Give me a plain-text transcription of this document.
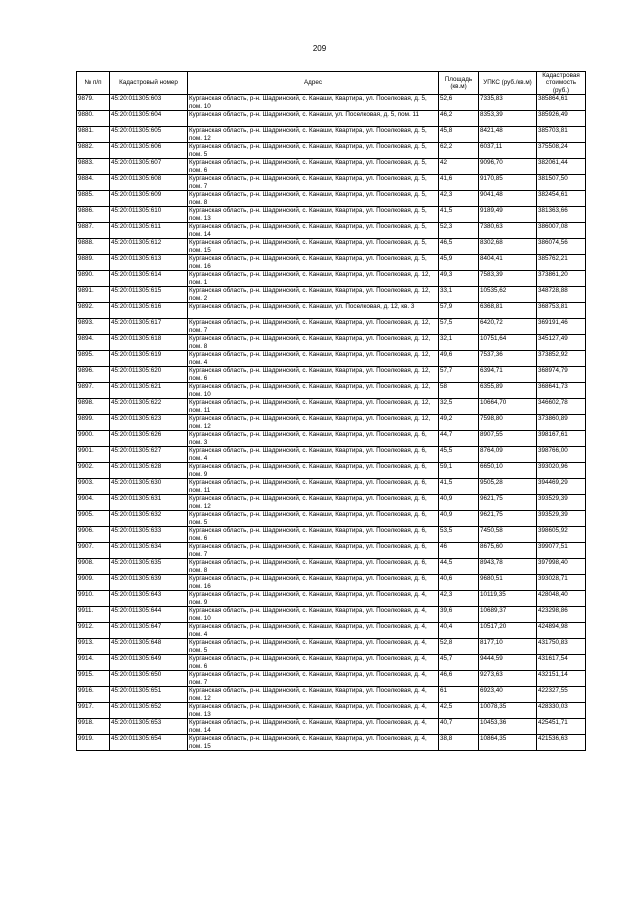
209
№ п/п	Кадастровый номер	Адрес	Площадь (кв.м)	УПКС (руб./кв.м)	Кадастровая стоимость (руб.)
9879.	45:20:011305:603	Курганская область, р-н. Шадринский, с. Канаши, Квартира, ул. Поселковая, д. 5, пом. 10	52,6	7335,83	385864,61
9880.	45:20:011305:604	Курганская область, р-н. Шадринский, с. Канаши, ул. Поселковая, д. 5, пом. 11	46,2	8353,39	385926,49
9881.	45:20:011305:605	Курганская область, р-н. Шадринский, с. Канаши, Квартира, ул. Поселковая, д. 5, пом. 12	45,8	8421,48	385703,81
9882.	45:20:011305:606	Курганская область, р-н. Шадринский, с. Канаши, Квартира, ул. Поселковая, д. 5, пом. 5	62,2	6037,11	375508,24
9883.	45:20:011305:607	Курганская область, р-н. Шадринский, с. Канаши, Квартира, ул. Поселковая, д. 5, пом. 6	42	9096,70	382061,44
9884.	45:20:011305:608	Курганская область, р-н. Шадринский, с. Канаши, Квартира, ул. Поселковая, д. 5, пом. 7	41,6	9170,85	381507,50
9885.	45:20:011305:609	Курганская область, р-н. Шадринский, с. Канаши, Квартира, ул. Поселковая, д. 5, пом. 8	42,3	9041,48	382454,61
9886.	45:20:011305:610	Курганская область, р-н. Шадринский, с. Канаши, Квартира, ул. Поселковая, д. 5, пом. 13	41,5	9189,49	381363,66
9887.	45:20:011305:611	Курганская область, р-н. Шадринский, с. Канаши, Квартира, ул. Поселковая, д. 5, пом. 14	52,3	7380,63	386007,08
9888.	45:20:011305:612	Курганская область, р-н. Шадринский, с. Канаши, Квартира, ул. Поселковая, д. 5, пом. 15	46,5	8302,68	386074,56
9889.	45:20:011305:613	Курганская область, р-н. Шадринский, с. Канаши, Квартира, ул. Поселковая, д. 5, пом. 16	45,9	8404,41	385762,21
9890.	45:20:011305:614	Курганская область, р-н. Шадринский, с. Канаши, Квартира, ул. Поселковая, д. 12, пом. 1	49,3	7583,39	373861,20
9891.	45:20:011305:615	Курганская область, р-н. Шадринский, с. Канаши, Квартира, ул. Поселковая, д. 12, пом. 2	33,1	10535,62	348728,88
9892.	45:20:011305:616	Курганская область, р-н. Шадринский, с. Канаши, ул. Поселковая, д. 12, кв. 3	57,9	6368,81	368753,81
9893.	45:20:011305:617	Курганская область, р-н. Шадринский, с. Канаши, Квартира, ул. Поселковая, д. 12, пом. 7	57,5	6420,72	369191,46
9894.	45:20:011305:618	Курганская область, р-н. Шадринский, с. Канаши, Квартира, ул. Поселковая, д. 12, пом. 8	32,1	10751,64	345127,49
9895.	45:20:011305:619	Курганская область, р-н. Шадринский, с. Канаши, Квартира, ул. Поселковая, д. 12, пом. 4	49,6	7537,36	373852,92
9896.	45:20:011305:620	Курганская область, р-н. Шадринский, с. Канаши, Квартира, ул. Поселковая, д. 12, пом. 6	57,7	6394,71	368974,79
9897.	45:20:011305:621	Курганская область, р-н. Шадринский, с. Канаши, Квартира, ул. Поселковая, д. 12, пом. 10	58	6355,89	368641,73
9898.	45:20:011305:622	Курганская область, р-н. Шадринский, с. Канаши, Квартира, ул. Поселковая, д. 12, пом. 11	32,5	10664,70	346602,78
9899.	45:20:011305:623	Курганская область, р-н. Шадринский, с. Канаши, Квартира, ул. Поселковая, д. 12, пом. 12	49,2	7598,80	373860,89
9900.	45:20:011305:626	Курганская область, р-н. Шадринский, с. Канаши, Квартира, ул. Поселковая, д. 6, пом. 3	44,7	8907,55	398167,61
9901.	45:20:011305:627	Курганская область, р-н. Шадринский, с. Канаши, Квартира, ул. Поселковая, д. 6, пом. 4	45,5	8764,09	398766,00
9902.	45:20:011305:628	Курганская область, р-н. Шадринский, с. Канаши, Квартира, ул. Поселковая, д. 6, пом. 9	59,1	6650,10	393020,96
9903.	45:20:011305:630	Курганская область, р-н. Шадринский, с. Канаши, Квартира, ул. Поселковая, д. 6, пом. 11	41,5	9505,28	394469,29
9904.	45:20:011305:631	Курганская область, р-н. Шадринский, с. Канаши, Квартира, ул. Поселковая, д. 6, пом. 12	40,9	9621,75	393529,39
9905.	45:20:011305:632	Курганская область, р-н. Шадринский, с. Канаши, Квартира, ул. Поселковая, д. 6, пом. 5	40,9	9621,75	393529,39
9906.	45:20:011305:633	Курганская область, р-н. Шадринский, с. Канаши, Квартира, ул. Поселковая, д. 6, пом. 6	53,5	7450,58	398605,92
9907.	45:20:011305:634	Курганская область, р-н. Шадринский, с. Канаши, Квартира, ул. Поселковая, д. 6, пом. 7	46	8675,60	399077,51
9908.	45:20:011305:635	Курганская область, р-н. Шадринский, с. Канаши, Квартира, ул. Поселковая, д. 6, пом. 8	44,5	8943,78	397998,40
9909.	45:20:011305:639	Курганская область, р-н. Шадринский, с. Канаши, Квартира, ул. Поселковая, д. 6, пом. 16	40,6	9680,51	393028,71
9910.	45:20:011305:643	Курганская область, р-н. Шадринский, с. Канаши, Квартира, ул. Поселковая, д. 4, пом. 9	42,3	10119,35	428048,40
9911.	45:20:011305:644	Курганская область, р-н. Шадринский, с. Канаши, Квартира, ул. Поселковая, д. 4, пом. 10	39,6	10689,37	423298,86
9912.	45:20:011305:647	Курганская область, р-н. Шадринский, с. Канаши, Квартира, ул. Поселковая, д. 4, пом. 4	40,4	10517,20	424894,98
9913.	45:20:011305:648	Курганская область, р-н. Шадринский, с. Канаши, Квартира, ул. Поселковая, д. 4, пом. 5	52,8	8177,10	431750,83
9914.	45:20:011305:649	Курганская область, р-н. Шадринский, с. Канаши, Квартира, ул. Поселковая, д. 4, пом. 6	45,7	9444,59	431617,54
9915.	45:20:011305:650	Курганская область, р-н. Шадринский, с. Канаши, Квартира, ул. Поселковая, д. 4, пом. 7	46,6	9273,63	432151,14
9916.	45:20:011305:651	Курганская область, р-н. Шадринский, с. Канаши, Квартира, ул. Поселковая, д. 4, пом. 12	61	6923,40	422327,55
9917.	45:20:011305:652	Курганская область, р-н. Шадринский, с. Канаши, Квартира, ул. Поселковая, д. 4, пом. 13	42,5	10078,35	428330,03
9918.	45:20:011305:653	Курганская область, р-н. Шадринский, с. Канаши, Квартира, ул. Поселковая, д. 4, пом. 14	40,7	10453,36	425451,71
9919.	45:20:011305:654	Курганская область, р-н. Шадринский, с. Канаши, Квартира, ул. Поселковая, д. 4, пом. 15	38,8	10864,35	421536,63
